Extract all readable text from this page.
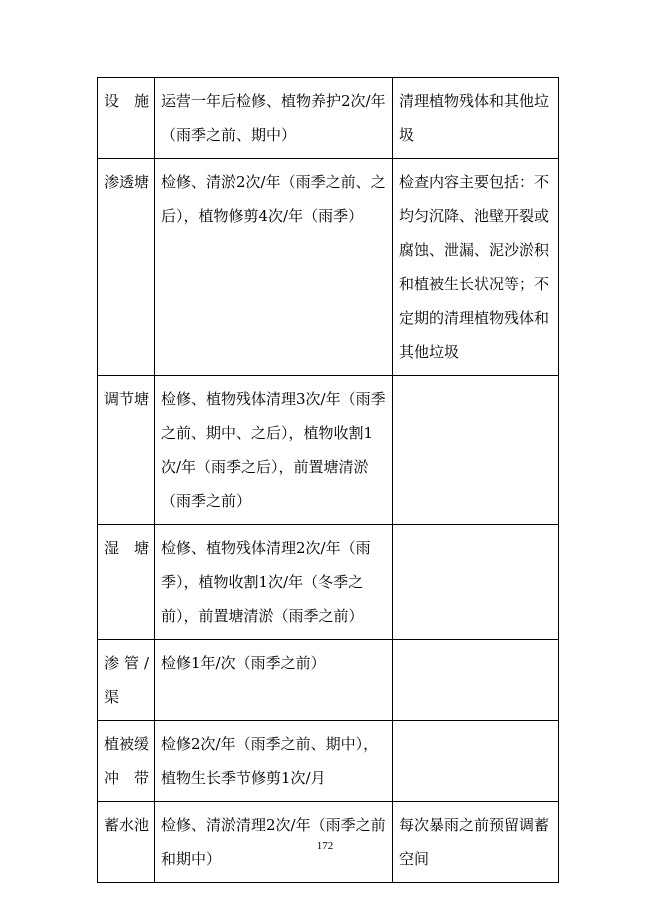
设施	运营一年后检修、植物养护2次/年（雨季之前、期中）	清理植物残体和其他垃圾
渗透塘	检修、清淤2次/年（雨季之前、之后），植物修剪4次/年（雨季）	检查内容主要包括：不均匀沉降、池壁开裂或腐蚀、泄漏、泥沙淤积和植被生长状况等；不定期的清理植物残体和其他垃圾
调节塘	检修、植物残体清理3次/年（雨季之前、期中、之后），植物收割1次/年（雨季之后），前置塘清淤（雨季之前）	
湿塘	检修、植物残体清理2次/年（雨季），植物收割1次/年（冬季之前），前置塘清淤（雨季之前）	
渗管/渠	检修1年/次（雨季之前）	
植被缓冲带	检修2次/年（雨季之前、期中），植物生长季节修剪1次/月	
蓄水池	检修、清淤清理2次/年（雨季之前和期中）	每次暴雨之前预留调蓄空间
172
